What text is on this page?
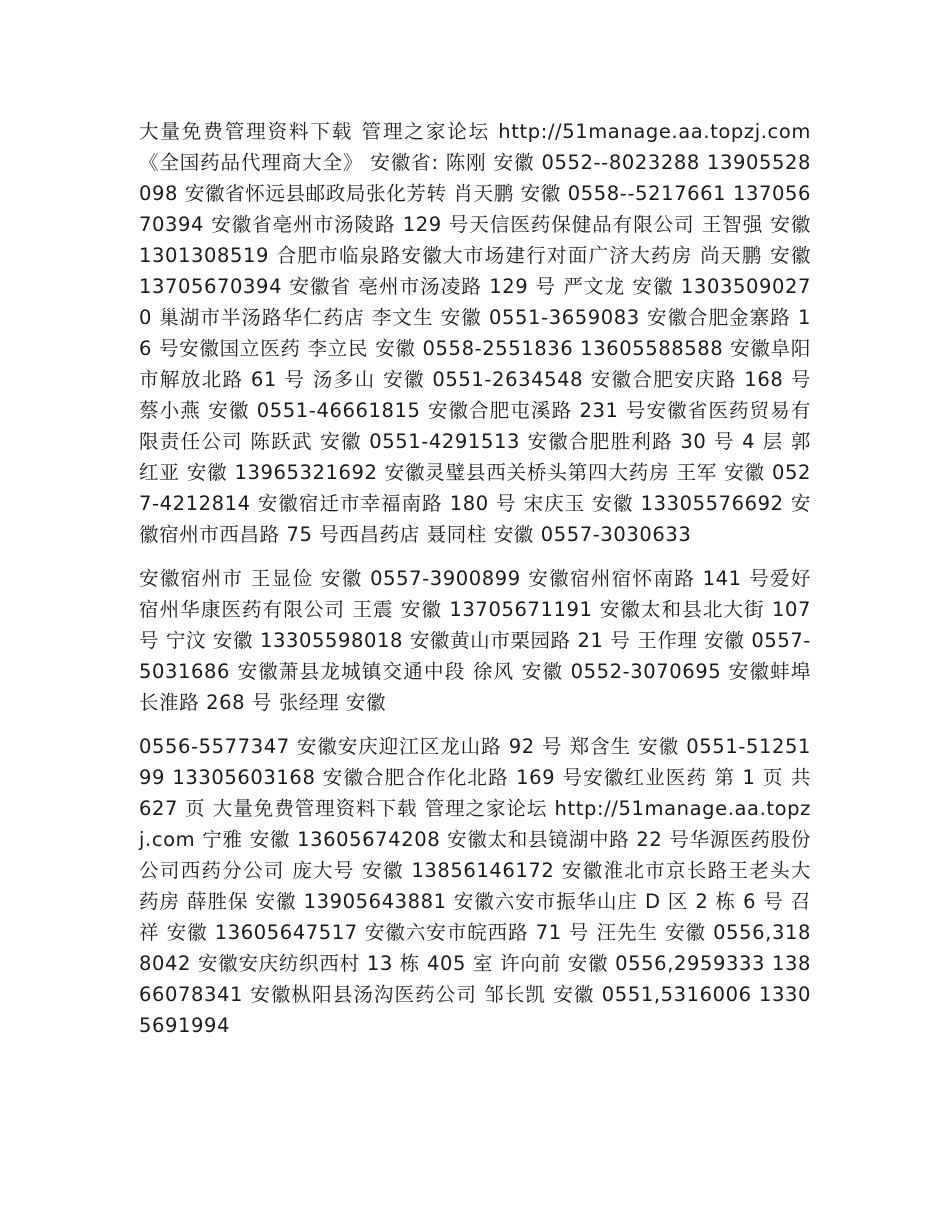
大量免费管理资料下载 管理之家论坛 http://51manage.aa.topzj.com 《全国药品代理商大全》 安徽省: 陈刚 安徽 0552--8023288 13905528098 安徽省怀远县邮政局张化芳转 肖天鹏 安徽 0558--5217661 13705670394 安徽省亳州市汤陵路 129 号天信医药保健品有限公司 王智强 安徽 1301308519 合肥市临泉路安徽大市场建行对面广济大药房 尚天鹏 安徽 13705670394 安徽省 亳州市汤凌路 129 号 严文龙 安徽 13035090270 巢湖市半汤路华仁药店 李文生 安徽 0551-3659083 安徽合肥金寨路 16 号安徽国立医药 李立民 安徽 0558-2551836 13605588588 安徽阜阳市解放北路 61 号 汤多山 安徽 0551-2634548 安徽合肥安庆路 168 号 蔡小燕 安徽 0551-46661815 安徽合肥屯溪路 231 号安徽省医药贸易有限责任公司 陈跃武 安徽 0551-4291513 安徽合肥胜利路 30 号 4 层 郭红亚 安徽 13965321692 安徽灵璧县西关桥头第四大药房 王军 安徽 0527-4212814 安徽宿迁市幸福南路 180 号 宋庆玉 安徽 13305576692 安徽宿州市西昌路 75 号西昌药店 聂同柱 安徽 0557-3030633

安徽宿州市 王显俭 安徽 0557-3900899 安徽宿州宿怀南路 141 号爱好宿州华康医药有限公司 王震 安徽 13705671191 安徽太和县北大街 107 号 宁汶 安徽 13305598018 安徽黄山市栗园路 21 号 王作理 安徽 0557-5031686 安徽萧县龙城镇交通中段 徐风 安徽 0552-3070695 安徽蚌埠长淮路 268 号 张经理 安徽

0556-5577347 安徽安庆迎江区龙山路 92 号 郑含生 安徽 0551-5125199 13305603168 安徽合肥合作化北路 169 号安徽红业医药 第 1 页 共 627 页 大量免费管理资料下载 管理之家论坛 http://51manage.aa.topzj.com 宁雅 安徽 13605674208 安徽太和县镜湖中路 22 号华源医药股份公司西药分公司 庞大号 安徽 13856146172 安徽淮北市京长路王老头大药房 薛胜保 安徽 13905643881 安徽六安市振华山庄 D 区 2 栋 6 号 召祥 安徽 13605647517 安徽六安市皖西路 71 号 汪先生 安徽 0556,3188042 安徽安庆纺织西村 13 栋 405 室 许向前 安徽 0556,2959333 13866078341 安徽枞阳县汤沟医药公司 邹长凯 安徽 0551,5316006 13305691994
